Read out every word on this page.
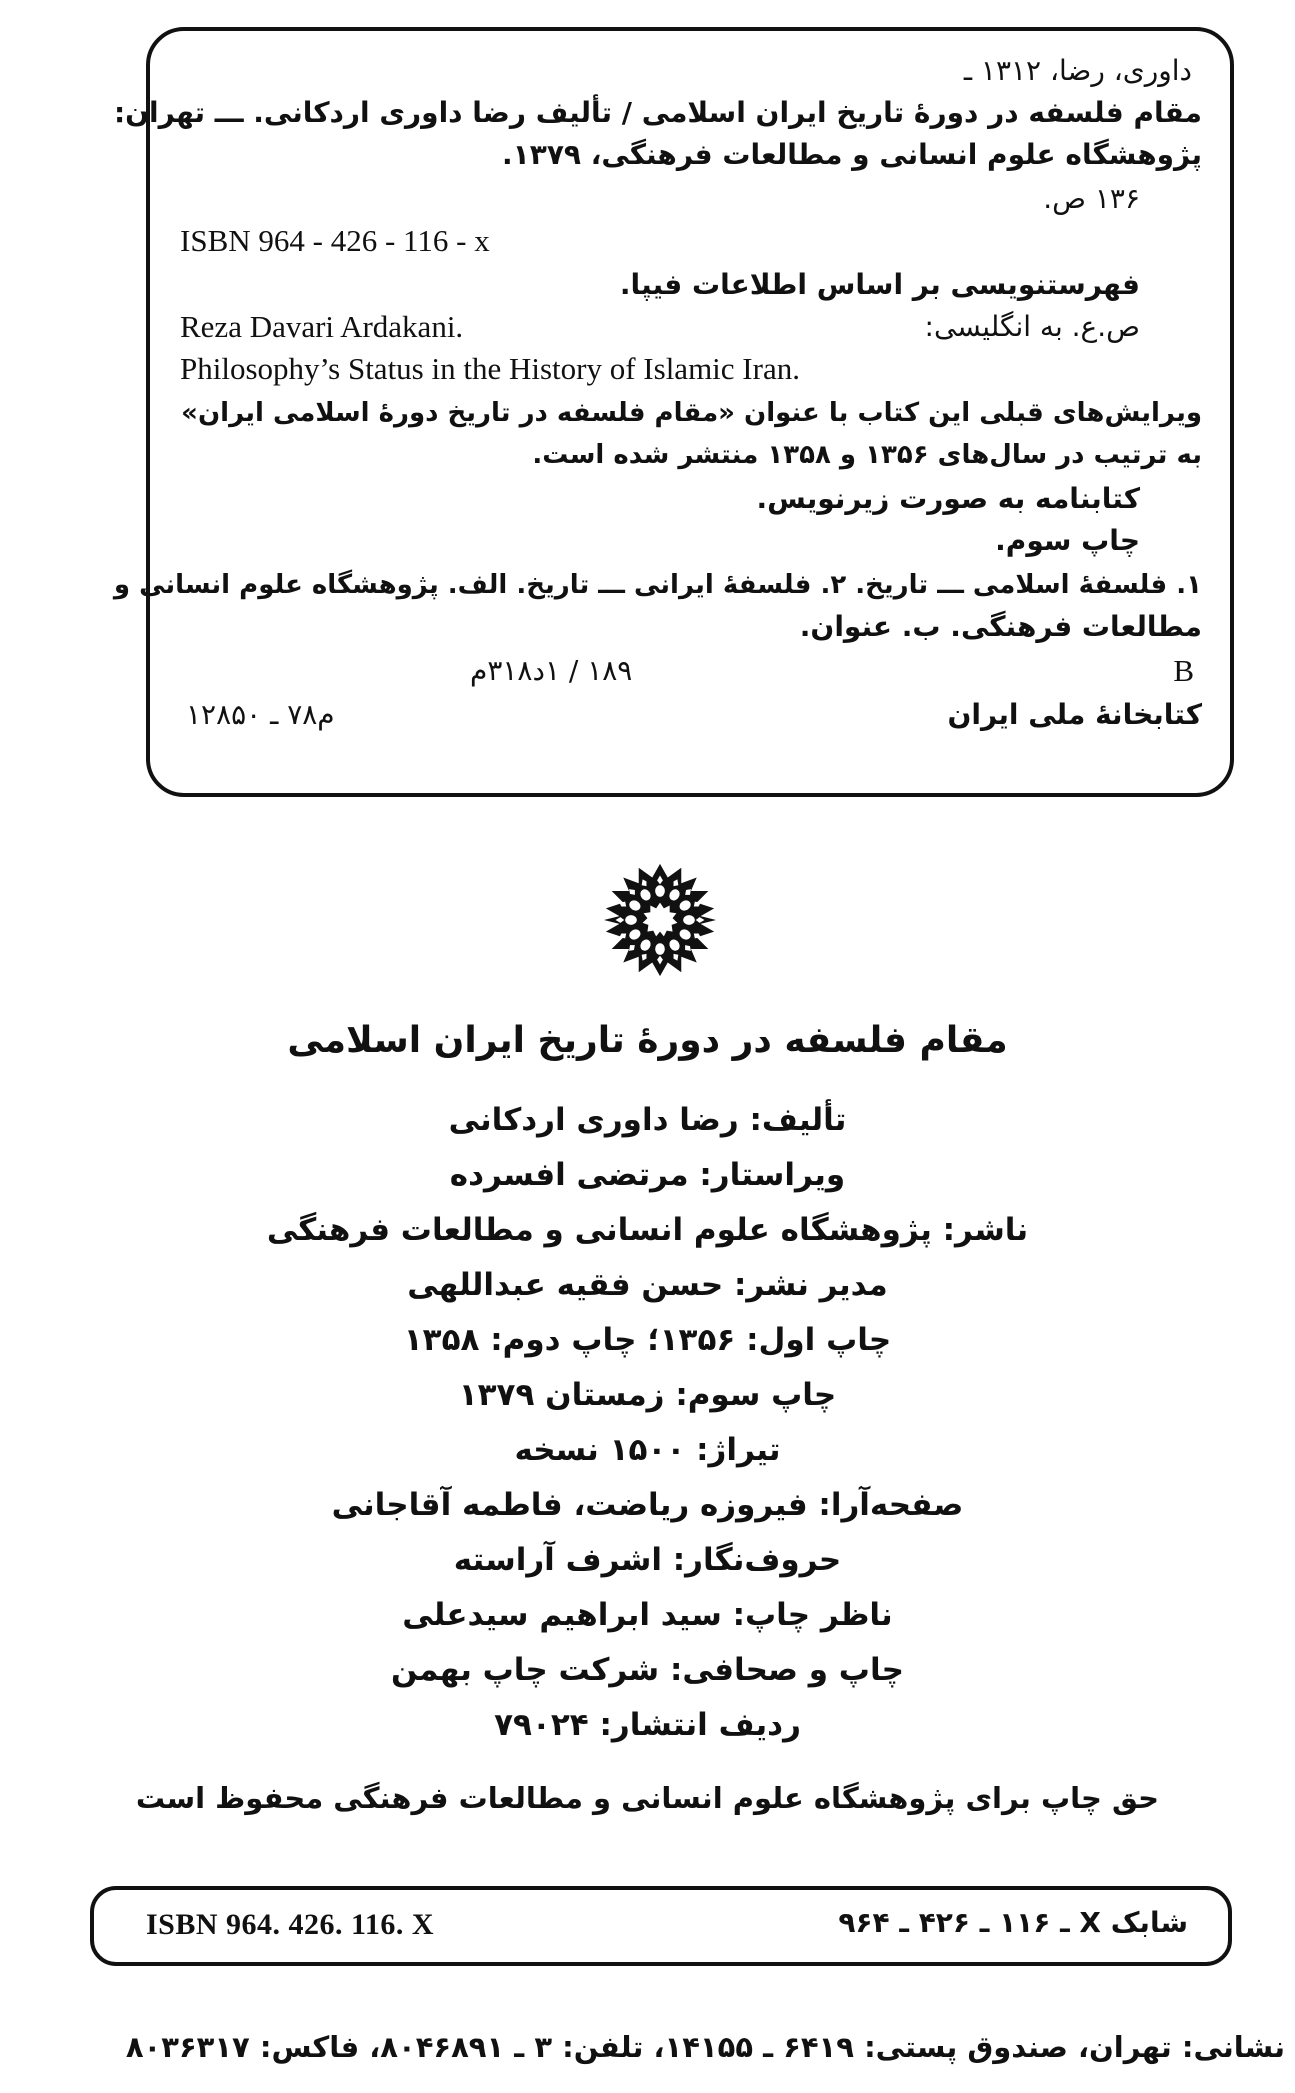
داوری، رضا، ۱۳۱۲ ـ
مقام فلسفه در دورهٔ تاریخ ایران اسلامی / تألیف رضا داوری اردکانی. ـــ تهران:
پژوهشگاه علوم انسانی و مطالعات فرهنگی، ۱۳۷۹.
۱۳۶ ص.
ISBN 964 - 426 - 116 - x
فهرستنویسی بر اساس اطلاعات فیپا.
ص.ع. به انگلیسی:
Reza Davari Ardakani.
Philosophy’s Status in the History of Islamic Iran.
ویرایش‌های قبلی این کتاب با عنوان «مقام فلسفه در تاریخ دورهٔ اسلامی ایران»
به ترتیب در سال‌های ۱۳۵۶ و ۱۳۵۸ منتشر شده است.
کتابنامه به صورت زیرنویس.
چاپ سوم.
۱. فلسفهٔ اسلامی ـــ تاریخ. ۲. فلسفهٔ ایرانی ـــ تاریخ. الف. پژوهشگاه علوم انسانی و
مطالعات فرهنگی. ب. عنوان.
B
۱۸۹ / ۱د۳۱۸م
کتابخانهٔ ملی ایران
م۷۸ ـ ۱۲۸۵۰
مقام فلسفه در دورهٔ تاریخ ایران اسلامی
تألیف: رضا داوری اردکانی
ویراستار: مرتضی افسرده
ناشر: پژوهشگاه علوم انسانی و مطالعات فرهنگی
مدیر نشر: حسن فقیه عبداللهی
چاپ اول: ۱۳۵۶؛ چاپ دوم: ۱۳۵۸
چاپ سوم: زمستان ۱۳۷۹
تیراژ: ۱۵۰۰ نسخه
صفحه‌آرا: فیروزه ریاضت، فاطمه آقاجانی
حروف‌نگار: اشرف آراسته
ناظر چاپ: سید ابراهیم سیدعلی
چاپ و صحافی: شرکت چاپ بهمن
ردیف انتشار: ۷۹۰۲۴
حق چاپ برای پژوهشگاه علوم انسانی و مطالعات فرهنگی محفوظ است
ISBN 964. 426. 116. X	شابک X ـ ۱۱۶ ـ ۴۲۶ ـ ۹۶۴
نشانی: تهران، صندوق پستی: ۶۴۱۹ ـ ۱۴۱۵۵، تلفن: ۳ ـ ۸۰۴۶۸۹۱، فاکس: ۸۰۳۶۳۱۷
